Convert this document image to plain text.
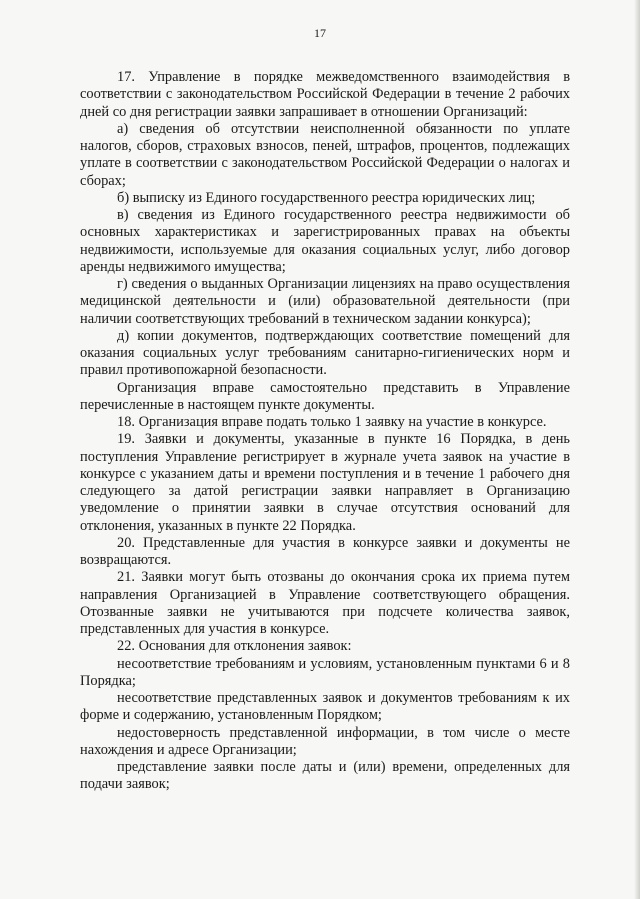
17

17. Управление в порядке межведомственного взаимодействия в соответствии с законодательством Российской Федерации в течение 2 рабочих дней со дня регистрации заявки запрашивает в отношении Организаций:

а) сведения об отсутствии неисполненной обязанности по уплате налогов, сборов, страховых взносов, пеней, штрафов, процентов, подлежащих уплате в соответствии с законодательством Российской Федерации о налогах и сборах;

б) выписку из Единого государственного реестра юридических лиц;

в) сведения из Единого государственного реестра недвижимости об основных характеристиках и зарегистрированных правах на объекты недвижимости, используемые для оказания социальных услуг, либо договор аренды недвижимого имущества;

г) сведения о выданных Организации лицензиях на право осуществления медицинской деятельности и (или) образовательной деятельности (при наличии соответствующих требований в техническом задании конкурса);

д) копии документов, подтверждающих соответствие помещений для оказания социальных услуг требованиям санитарно-гигиенических норм и правил противопожарной безопасности.

Организация вправе самостоятельно представить в Управление перечисленные в настоящем пункте документы.

18. Организация вправе подать только 1 заявку на участие в конкурсе.

19. Заявки и документы, указанные в пункте 16 Порядка, в день поступления Управление регистрирует в журнале учета заявок на участие в конкурсе с указанием даты и времени поступления и в течение 1 рабочего дня следующего за датой регистрации заявки направляет в Организацию уведомление о принятии заявки в случае отсутствия оснований для отклонения, указанных в пункте 22 Порядка.

20. Представленные для участия в конкурсе заявки и документы не возвращаются.

21. Заявки могут быть отозваны до окончания срока их приема путем направления Организацией в Управление соответствующего обращения. Отозванные заявки не учитываются при подсчете количества заявок, представленных для участия в конкурсе.

22. Основания для отклонения заявок:

несоответствие требованиям и условиям, установленным пунктами 6 и 8 Порядка;

несоответствие представленных заявок и документов требованиям к их форме и содержанию, установленным Порядком;

недостоверность представленной информации, в том числе о месте нахождения и адресе Организации;

представление заявки после даты и (или) времени, определенных для подачи заявок;
